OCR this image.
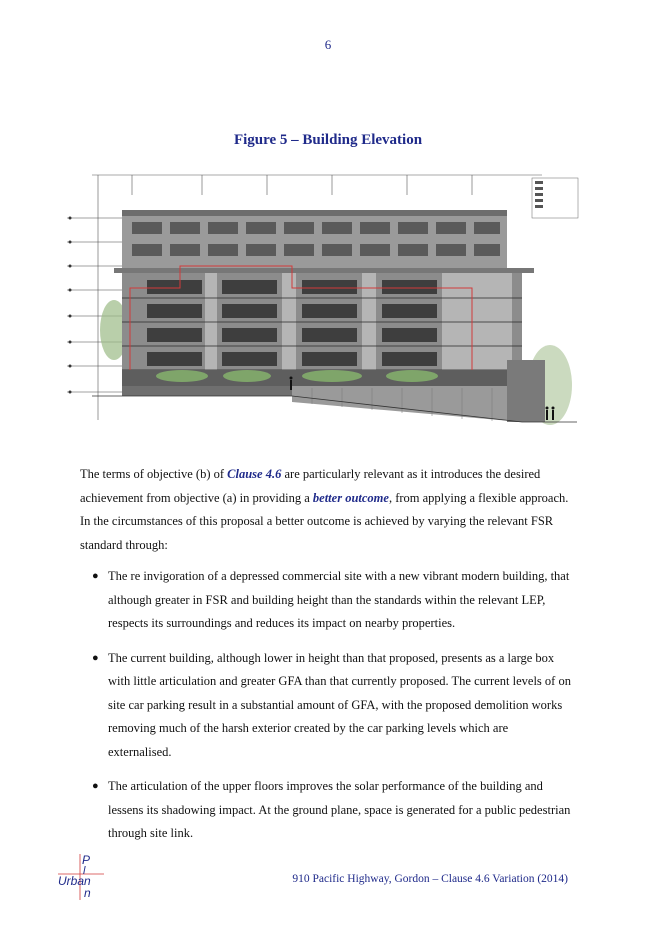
6
Figure 5 – Building Elevation
The terms of objective (b) of Clause 4.6 are particularly relevant as it introduces the desired achievement from objective (a) in providing a better outcome, from applying a flexible approach. In the circumstances of this proposal a better outcome is achieved by varying the relevant FSR standard through:
● The re invigoration of a depressed commercial site with a new vibrant modern building, that although greater in FSR and building height than the standards within the relevant LEP, respects its surroundings and reduces its impact on nearby properties.
● The current building, although lower in height than that proposed, presents as a large box with little articulation and greater GFA than that currently proposed. The current levels of on site car parking result in a substantial amount of GFA, with the proposed demolition works removing much of the harsh exterior created by the car parking levels which are externalised.
● The articulation of the upper floors improves the solar performance of the building and lessens its shadowing impact. At the ground plane, space is generated for a public pedestrian through site link.
P
l
Urban
n
910 Pacific Highway, Gordon – Clause 4.6 Variation (2014)
